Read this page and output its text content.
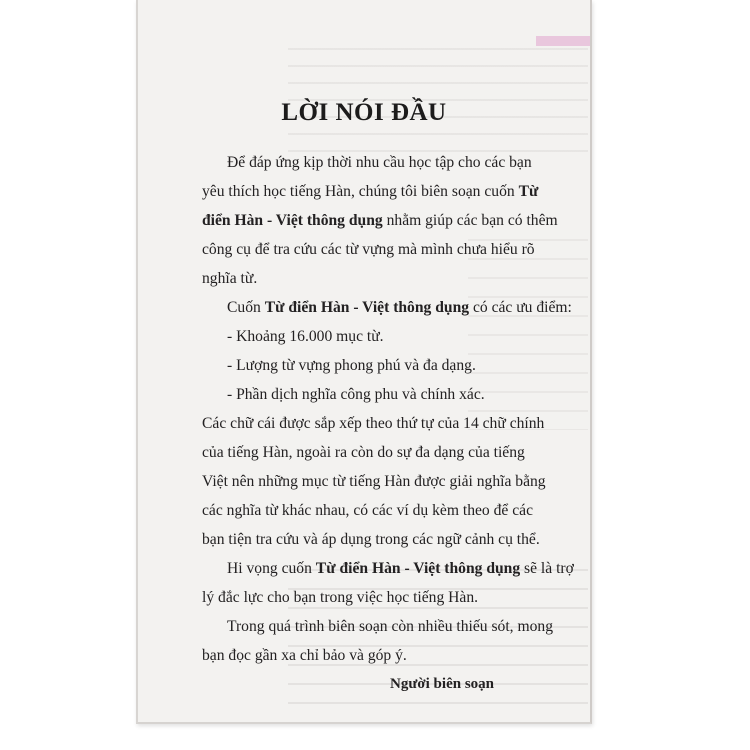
LỜI NÓI ĐẦU
Để đáp ứng kịp thời nhu cầu học tập cho các bạn
yêu thích học tiếng Hàn, chúng tôi biên soạn cuốn Từ
điển Hàn - Việt thông dụng nhằm giúp các bạn có thêm
công cụ để tra cứu các từ vựng mà mình chưa hiểu rõ
nghĩa từ.
Cuốn Từ điển Hàn - Việt thông dụng có các ưu điểm:
- Khoảng 16.000 mục từ.
- Lượng từ vựng phong phú và đa dạng.
- Phần dịch nghĩa công phu và chính xác.
Các chữ cái được sắp xếp theo thứ tự của 14 chữ chính
của tiếng Hàn, ngoài ra còn do sự đa dạng của tiếng
Việt nên những mục từ tiếng Hàn được giải nghĩa bằng
các nghĩa từ khác nhau, có các ví dụ kèm theo để các
bạn tiện tra cứu và áp dụng trong các ngữ cảnh cụ thể.
Hi vọng cuốn Từ điển Hàn - Việt thông dụng sẽ là trợ
lý đắc lực cho bạn trong việc học tiếng Hàn.
Trong quá trình biên soạn còn nhiều thiếu sót, mong
bạn đọc gần xa chỉ bảo và góp ý.
Người biên soạn
